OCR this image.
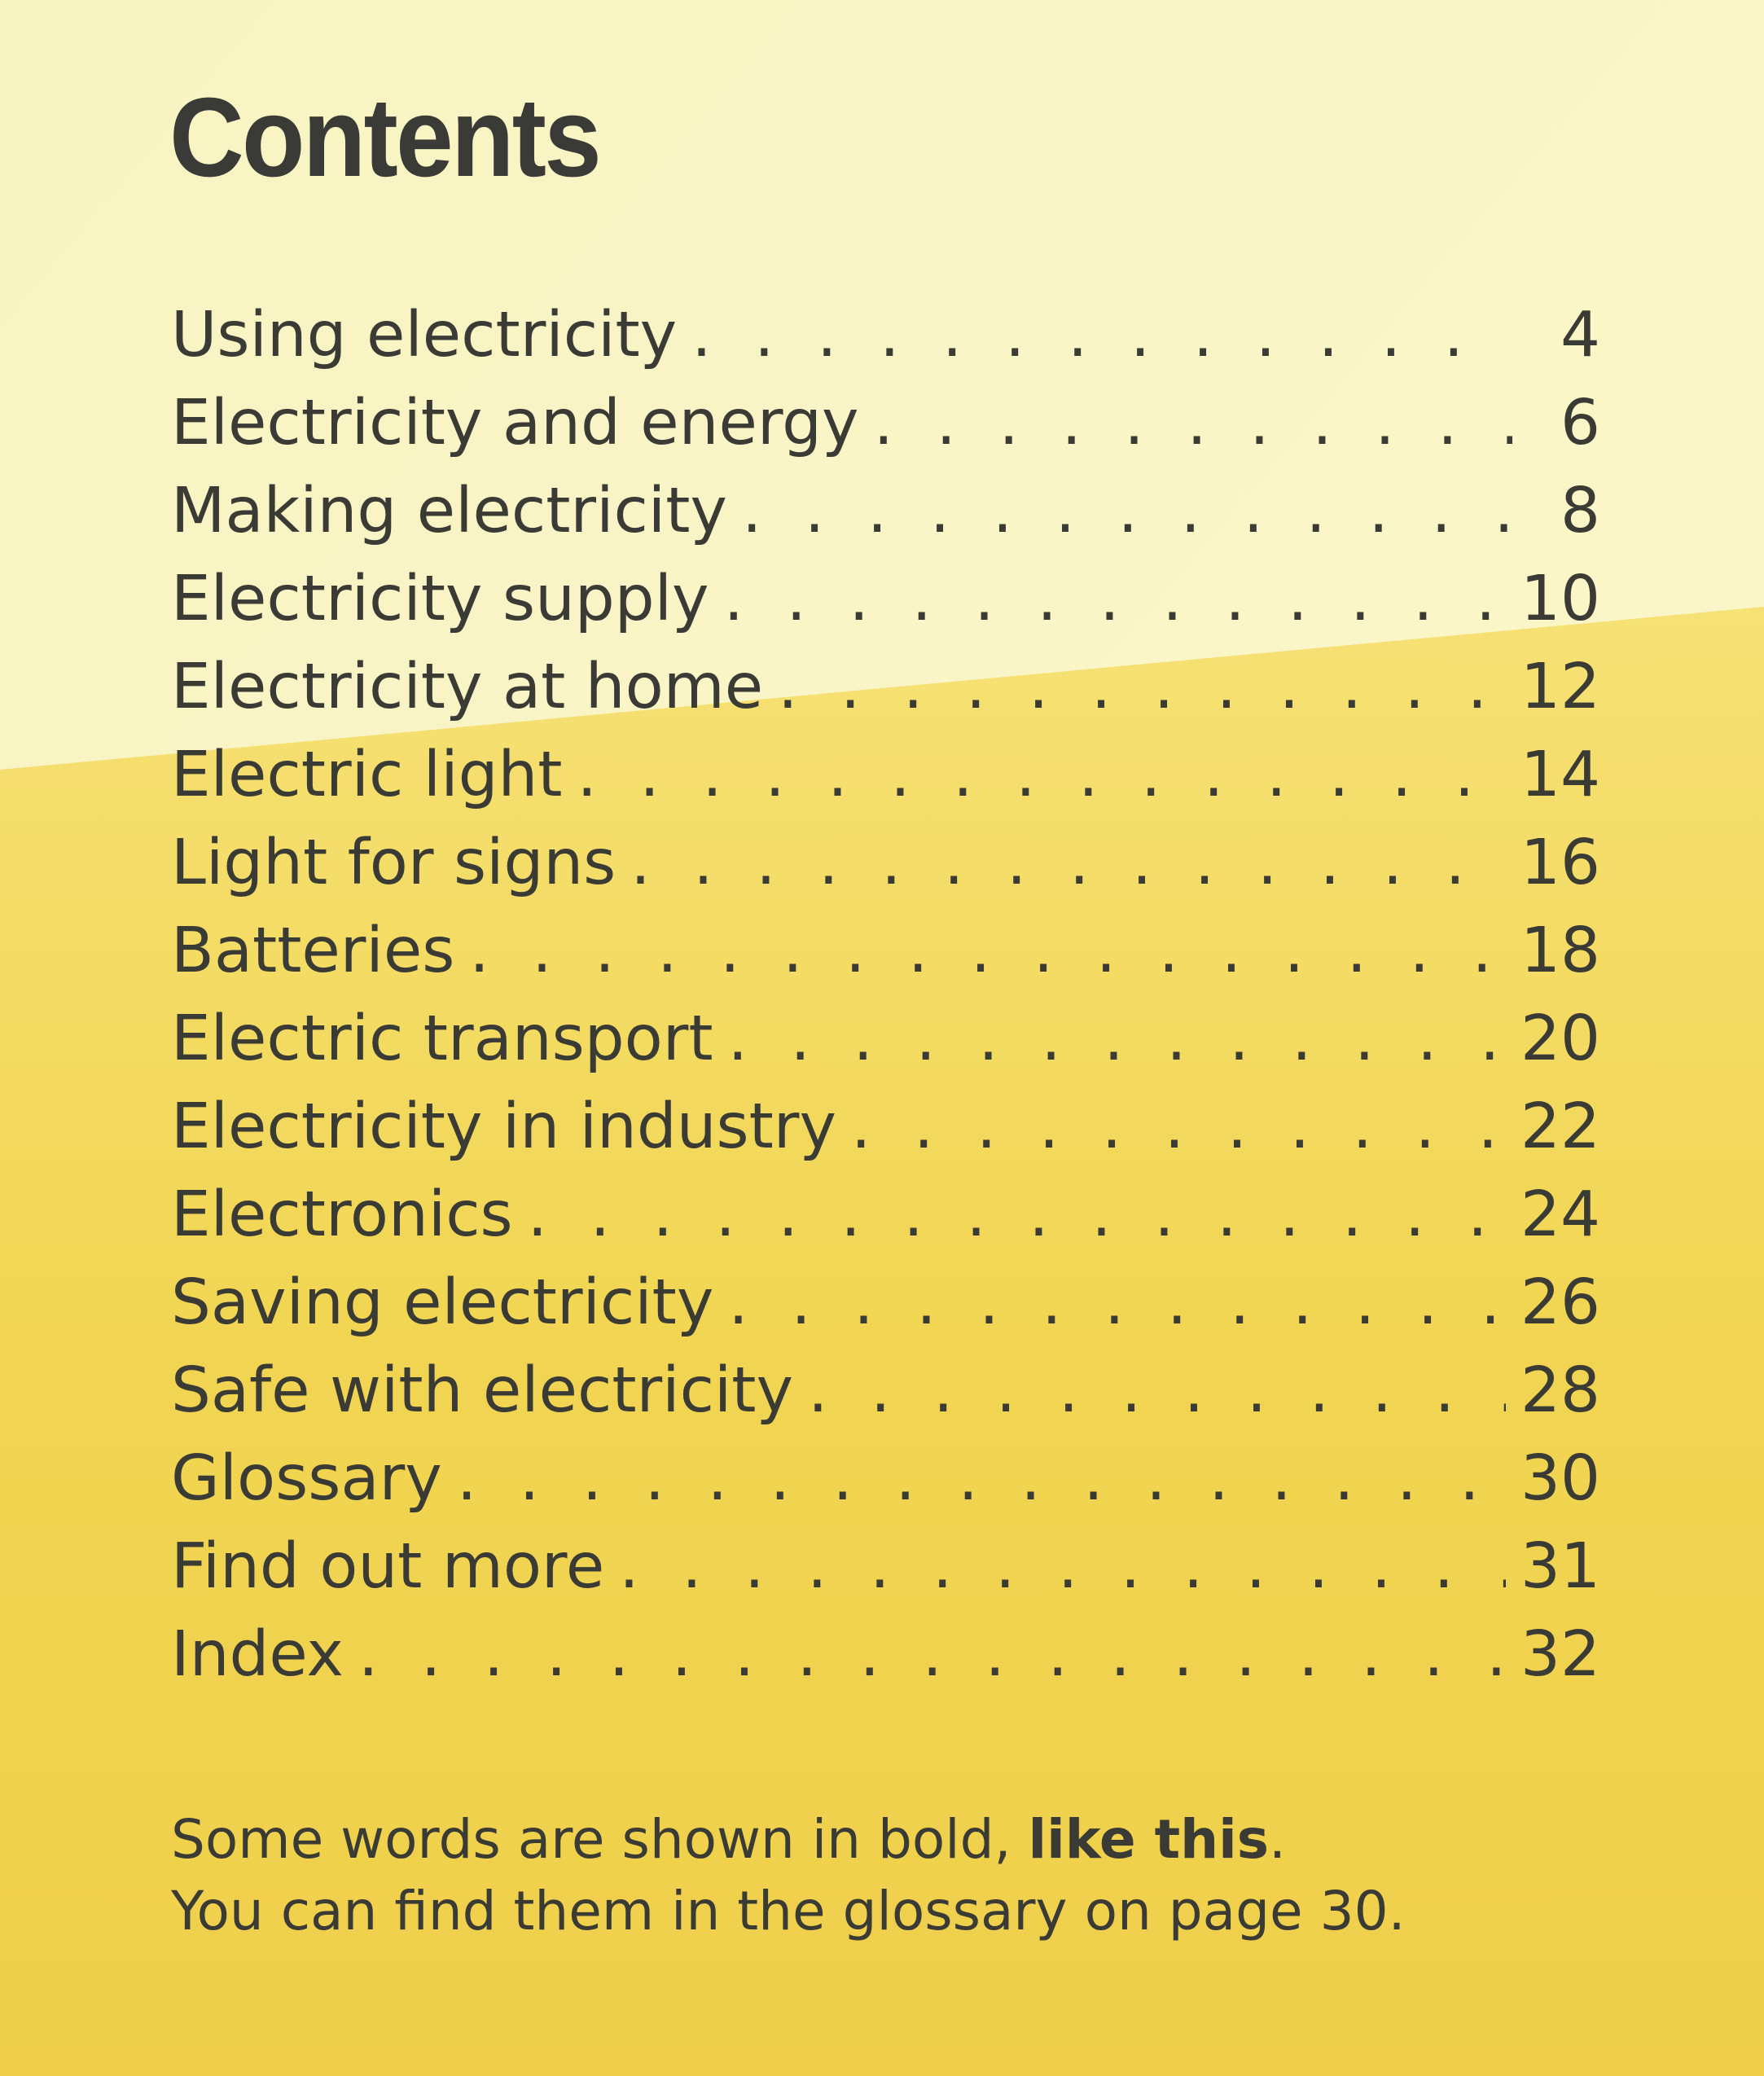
Contents
Using electricity . . .	4
Electricity and energy . . .	6
Making electricity . . .	8
Electricity supply . . .	10
Electricity at home . . .	12
Electric light . . .	14
Light for signs . . .	16
Batteries . . .	18
Electric transport . . .	20
Electricity in industry . . .	22
Electronics . . .	24
Saving electricity . . .	26
Safe with electricity . . .	28
Glossary . . .	30
Find out more . . .	31
Index . . .	32

Some words are shown in bold, like this.

You can find them in the glossary on page 30.
